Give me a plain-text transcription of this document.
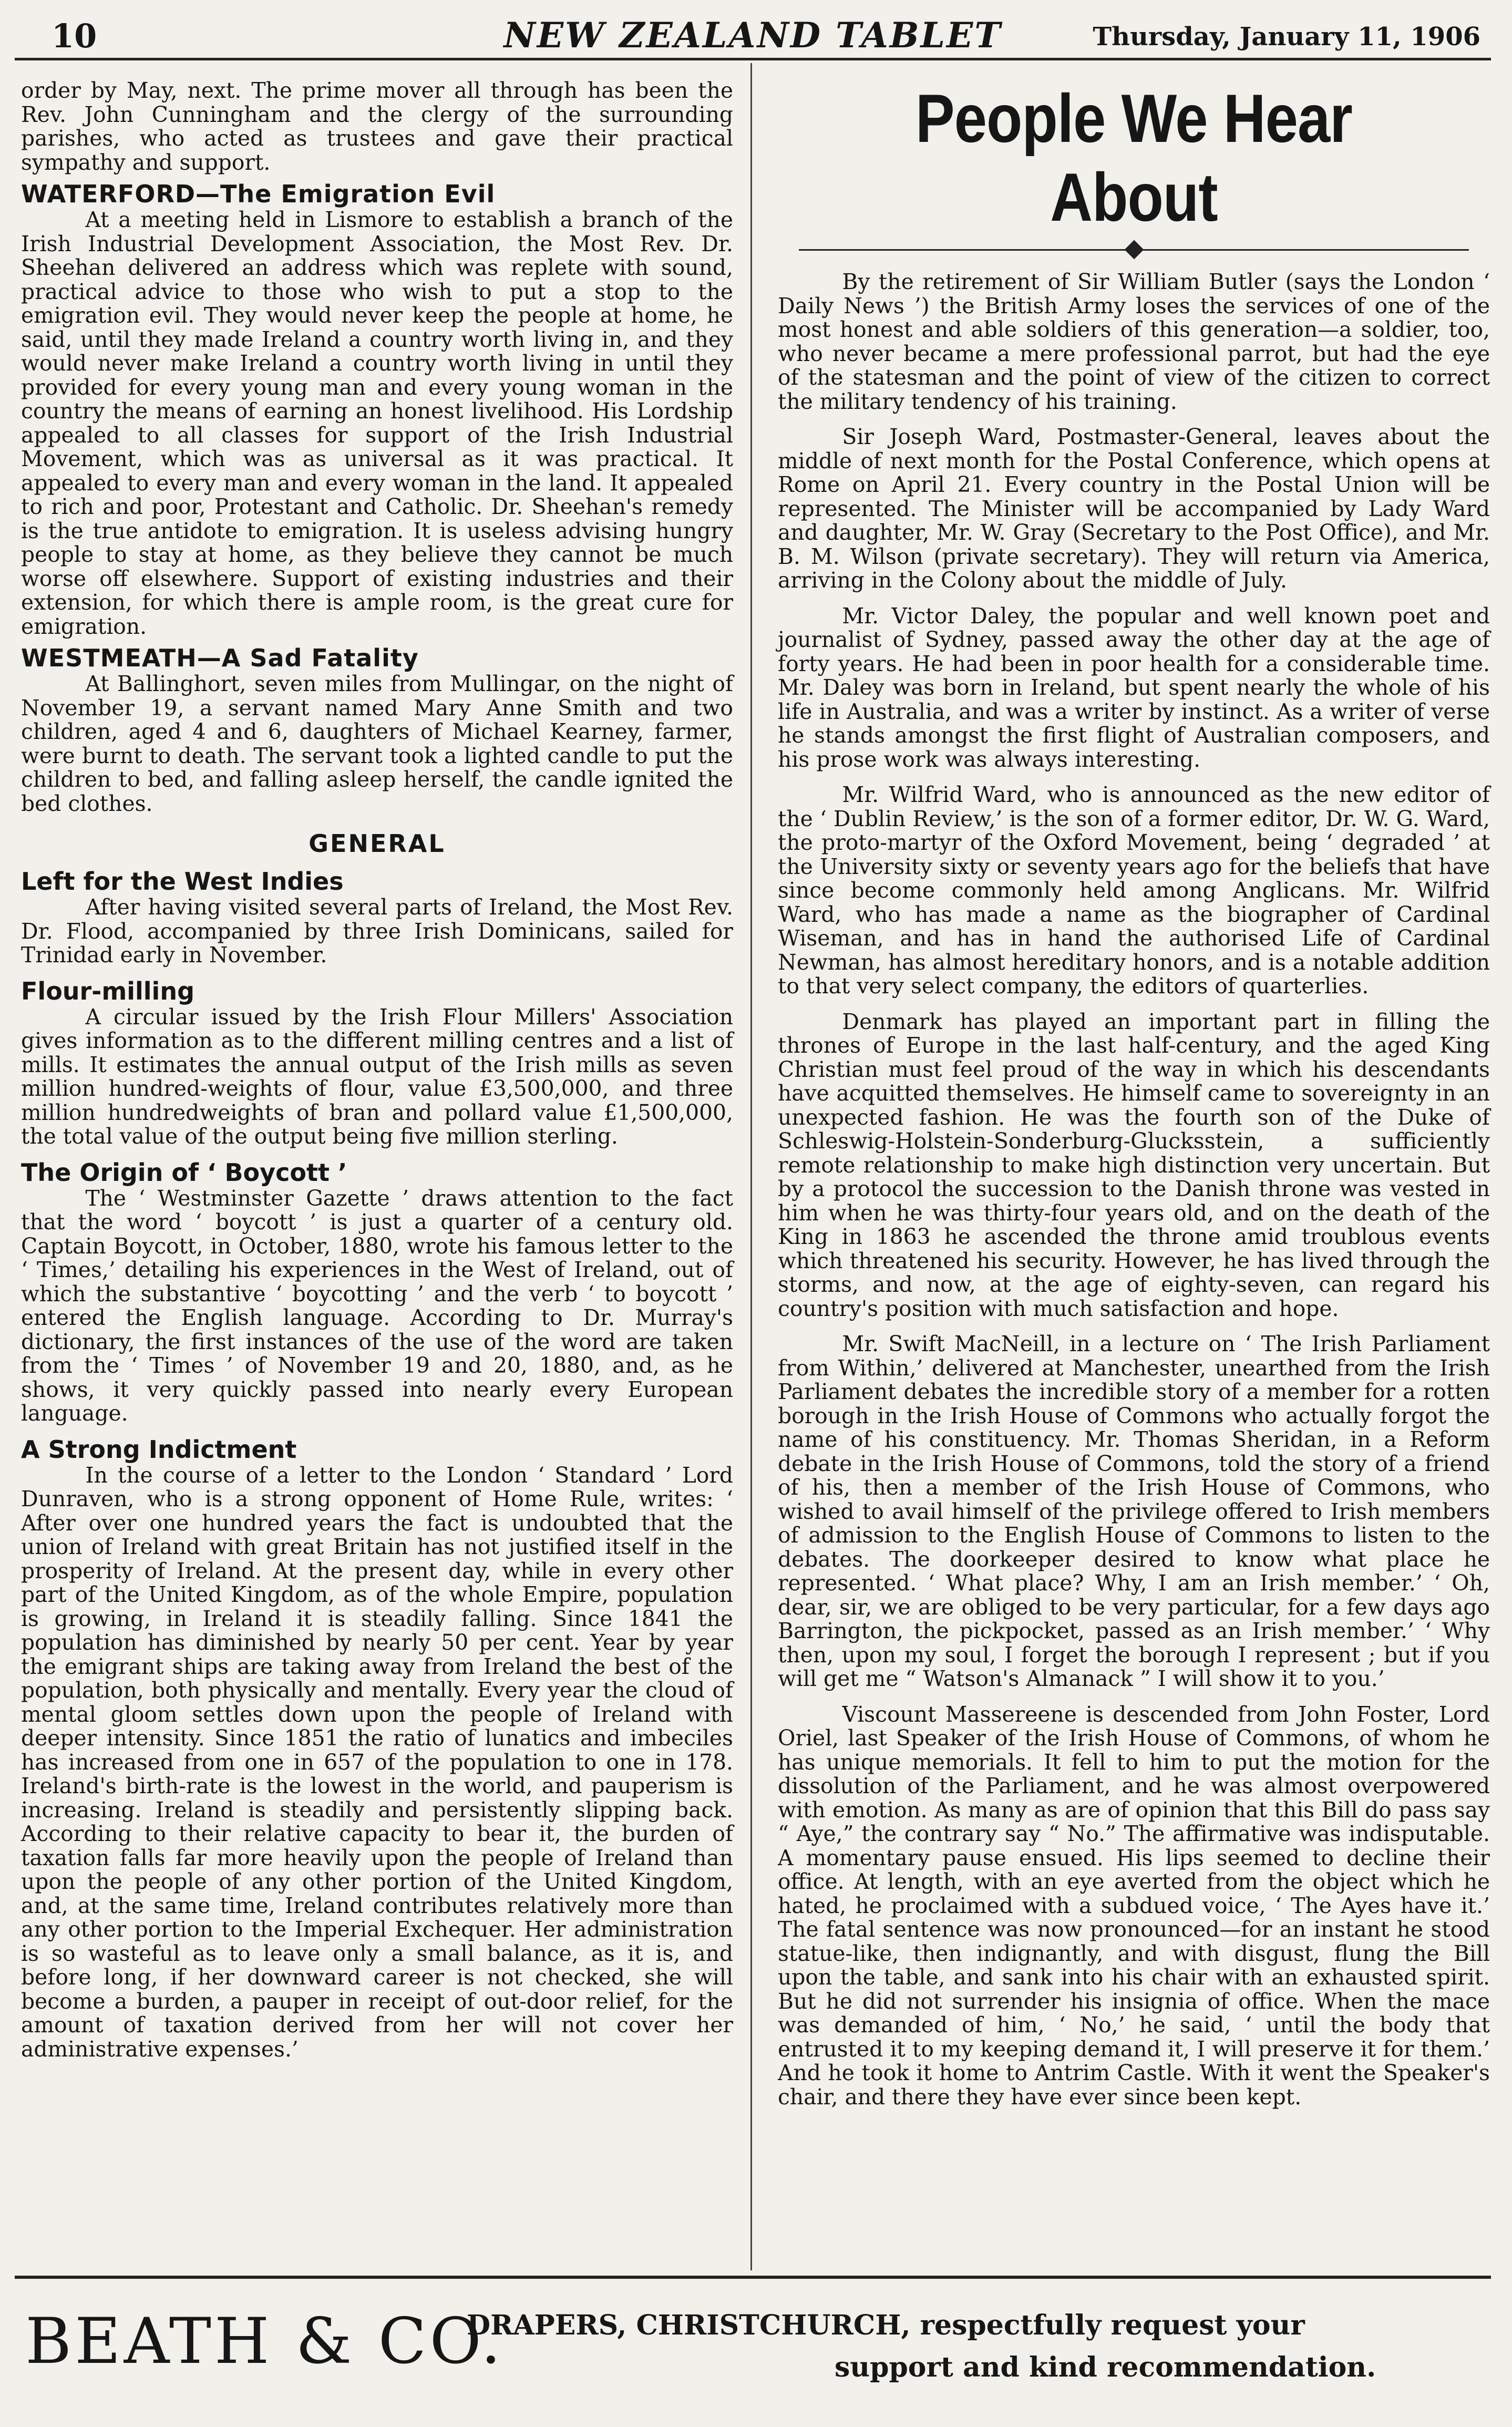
10	NEW ZEALAND TABLET	Thursday, January 11, 1906

order by May, next. The prime mover all through has been the Rev. John Cunningham and the clergy of the surrounding parishes, who acted as trustees and gave their practical sympathy and support.

WATERFORD—The Emigration Evil

At a meeting held in Lismore to establish a branch of the Irish Industrial Development Association, the Most Rev. Dr. Sheehan delivered an address which was replete with sound, practical advice to those who wish to put a stop to the emigration evil. They would never keep the people at home, he said, until they made Ireland a country worth living in, and they would never make Ireland a country worth living in until they provided for every young man and every young woman in the country the means of earning an honest livelihood. His Lordship appealed to all classes for support of the Irish Industrial Movement, which was as universal as it was practical. It appealed to every man and every woman in the land. It appealed to rich and poor, Protestant and Catholic. Dr. Sheehan's remedy is the true antidote to emigration. It is useless advising hungry people to stay at home, as they believe they cannot be much worse off elsewhere. Support of existing industries and their extension, for which there is ample room, is the great cure for emigration.

WESTMEATH—A Sad Fatality

At Ballinghort, seven miles from Mullingar, on the night of November 19, a servant named Mary Anne Smith and two children, aged 4 and 6, daughters of Michael Kearney, farmer, were burnt to death. The servant took a lighted candle to put the children to bed, and falling asleep herself, the candle ignited the bed clothes.

GENERAL
Left for the West Indies

After having visited several parts of Ireland, the Most Rev. Dr. Flood, accompanied by three Irish Dominicans, sailed for Trinidad early in November.

Flour-milling

A circular issued by the Irish Flour Millers' Association gives information as to the different milling centres and a list of mills. It estimates the annual output of the Irish mills as seven million hundred-weights of flour, value £3,500,000, and three million hundredweights of bran and pollard value £1,500,000, the total value of the output being five million sterling.

The Origin of ‘ Boycott ’

The ‘ Westminster Gazette ’ draws attention to the fact that the word ‘ boycott ’ is just a quarter of a century old. Captain Boycott, in October, 1880, wrote his famous letter to the ‘ Times,’ detailing his experiences in the West of Ireland, out of which the substantive ‘ boycotting ’ and the verb ‘ to boycott ’ entered the English language. According to Dr. Murray's dictionary, the first instances of the use of the word are taken from the ‘ Times ’ of November 19 and 20, 1880, and, as he shows, it very quickly passed into nearly every European language.

A Strong Indictment

In the course of a letter to the London ‘ Standard ’ Lord Dunraven, who is a strong opponent of Home Rule, writes: ‘ After over one hundred years the fact is undoubted that the union of Ireland with great Britain has not justified itself in the prosperity of Ireland. At the present day, while in every other part of the United Kingdom, as of the whole Empire, population is growing, in Ireland it is steadily falling. Since 1841 the population has diminished by nearly 50 per cent. Year by year the emigrant ships are taking away from Ireland the best of the population, both physically and mentally. Every year the cloud of mental gloom settles down upon the people of Ireland with deeper intensity. Since 1851 the ratio of lunatics and imbeciles has increased from one in 657 of the population to one in 178. Ireland's birth-rate is the lowest in the world, and pauperism is increasing. Ireland is steadily and persistently slipping back. According to their relative capacity to bear it, the burden of taxation falls far more heavily upon the people of Ireland than upon the people of any other portion of the United Kingdom, and, at the same time, Ireland contributes relatively more than any other portion to the Imperial Exchequer. Her administration is so wasteful as to leave only a small balance, as it is, and before long, if her downward career is not checked, she will become a burden, a pauper in receipt of out-door relief, for the amount of taxation derived from her will not cover her administrative expenses.’

People We Hear About

By the retirement of Sir William Butler (says the London ‘ Daily News ’) the British Army loses the services of one of the most honest and able soldiers of this generation—a soldier, too, who never became a mere professional parrot, but had the eye of the statesman and the point of view of the citizen to correct the military tendency of his training.

Sir Joseph Ward, Postmaster-General, leaves about the middle of next month for the Postal Conference, which opens at Rome on April 21. Every country in the Postal Union will be represented. The Minister will be accompanied by Lady Ward and daughter, Mr. W. Gray (Secretary to the Post Office), and Mr. B. M. Wilson (private secretary). They will return via America, arriving in the Colony about the middle of July.

Mr. Victor Daley, the popular and well known poet and journalist of Sydney, passed away the other day at the age of forty years. He had been in poor health for a considerable time. Mr. Daley was born in Ireland, but spent nearly the whole of his life in Australia, and was a writer by instinct. As a writer of verse he stands amongst the first flight of Australian composers, and his prose work was always interesting.

Mr. Wilfrid Ward, who is announced as the new editor of the ‘ Dublin Review,’ is the son of a former editor, Dr. W. G. Ward, the proto-martyr of the Oxford Movement, being ‘ degraded ’ at the University sixty or seventy years ago for the beliefs that have since become commonly held among Anglicans. Mr. Wilfrid Ward, who has made a name as the biographer of Cardinal Wiseman, and has in hand the authorised Life of Cardinal Newman, has almost hereditary honors, and is a notable addition to that very select company, the editors of quarterlies.

Denmark has played an important part in filling the thrones of Europe in the last half-century, and the aged King Christian must feel proud of the way in which his descendants have acquitted themselves. He himself came to sovereignty in an unexpected fashion. He was the fourth son of the Duke of Schleswig-Holstein-Sonderburg-Glucksstein, a sufficiently remote relationship to make high distinction very uncertain. But by a protocol the succession to the Danish throne was vested in him when he was thirty-four years old, and on the death of the King in 1863 he ascended the throne amid troublous events which threatened his security. However, he has lived through the storms, and now, at the age of eighty-seven, can regard his country's position with much satisfaction and hope.

Mr. Swift MacNeill, in a lecture on ‘ The Irish Parliament from Within,’ delivered at Manchester, unearthed from the Irish Parliament debates the incredible story of a member for a rotten borough in the Irish House of Commons who actually forgot the name of his constituency. Mr. Thomas Sheridan, in a Reform debate in the Irish House of Commons, told the story of a friend of his, then a member of the Irish House of Commons, who wished to avail himself of the privilege offered to Irish members of admission to the English House of Commons to listen to the debates. The doorkeeper desired to know what place he represented. ‘ What place? Why, I am an Irish member.’ ‘ Oh, dear, sir, we are obliged to be very particular, for a few days ago Barrington, the pickpocket, passed as an Irish member.’ ‘ Why then, upon my soul, I forget the borough I represent ; but if you will get me “ Watson's Almanack ” I will show it to you.’

Viscount Massereene is descended from John Foster, Lord Oriel, last Speaker of the Irish House of Commons, of whom he has unique memorials. It fell to him to put the motion for the dissolution of the Parliament, and he was almost overpowered with emotion. As many as are of opinion that this Bill do pass say “ Aye,” the contrary say “ No.” The affirmative was indisputable. A momentary pause ensued. His lips seemed to decline their office. At length, with an eye averted from the object which he hated, he proclaimed with a subdued voice, ‘ The Ayes have it.’ The fatal sentence was now pronounced—for an instant he stood statue-like, then indignantly, and with disgust, flung the Bill upon the table, and sank into his chair with an exhausted spirit. But he did not surrender his insignia of office. When the mace was demanded of him, ‘ No,’ he said, ‘ until the body that entrusted it to my keeping demand it, I will preserve it for them.’ And he took it home to Antrim Castle. With it went the Speaker's chair, and there they have ever since been kept.

BEATH & CO.
DRAPERS, CHRISTCHURCH, respectfully request your
support and kind recommendation.
